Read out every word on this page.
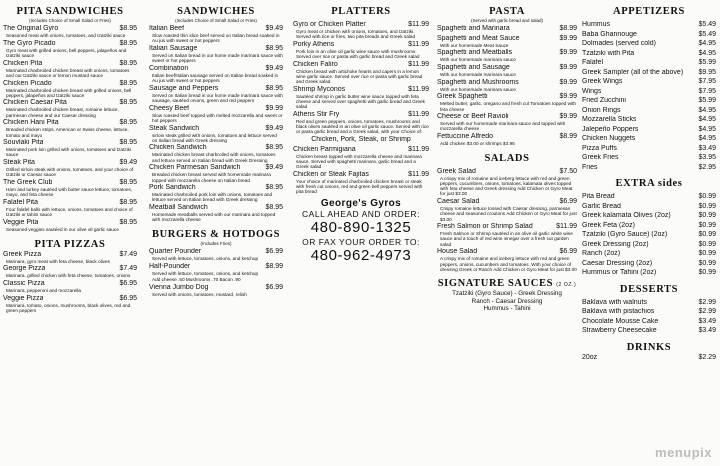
PITA SANDWICHES
(Includes Choice of Small Salad or Fries)
The Original Gyro	$8.95
Seasoned meat with onions, tomatoes, and tzatziki sauce
The Gyro Picado	$8.95
Gyro meat with grilled onions, bell peppers, jalapeños and tzatziki sauce
Chicken Pita	$8.95
Marinated charbroiled chicken breast with onions, tomatoes and our tzatziki sauce or lemon mustard sauce
Chicken Picado	$8.95
Marinated charbroiled chicken breast with grilled onions, bell peppers, jalapeños and tzatziki sauce
Chicken Caesar Pita	$8.95
Marinated charbroiled chicken breast, romaine lettuce, parmesan cheese and our Caesar dressing
Chicken Hani Pita	$8.95
Breaded chicken strips, American or Swiss cheese, lettuce, tomato and mayo
Souvlaki Pita	$8.95
Marinated pork loin grilled with onions, tomatoes and tzatziki sauce
Steak Pita	$9.49
Grilled sirloin steak with onions, tomatoes, and your choice of tzatziki or Caesar sauce
The Greek Club	$8.95
Ham and turkey sautéed with butter sauce lettuce, tomatoes, mayo, and feta cheese
Falafel Pita	$8.95
Four falafel balls with lettuce, onions, tomatoes and choice of tzatziki or tahini sauce
Veggie Pita	$8.95
Seasoned veggies sautéed in our olive oil garlic sauce
PITA PIZZAS
Greek Pizza	$7.49
Marinara, gyro meat with feta cheese, black olives
George Pizza	$7.49
Marinara, grilled chicken with feta cheese, tomatoes, onions
Classic Pizza	$6.95
Marinara, pepperoni and mozzarella
Veggie Pizza	$6.95
Marinara, tomato, onions, mushrooms, black olives, red and green peppers
SANDWICHES
(Includes Choice of Small Salad or Fries)
Italian Beef	$9.49
Slow roasted thin slice beef served on Italian bread soaked in Au jus with sweet or hot peppers
Italian Sausage	$8.95
Served on Italian bread in our home made marinara sauce with sweet or hot peppers
Combination	$9.49
Italian beef/Italian sausage served on Italian bread soaked in Au jus with sweet or hot peppers
Sausage and Peppers	$8.95
Served on Italian bread in our home made marinara sauce with sausage, sautéed onions, green and red peppers
Cheesy Beef	$9.99
Slow roasted beef topped with melted mozzarella and sweet or hot peppers
Steak Sandwich	$9.49
sirloin steak grilled with onions, tomatoes and lettuce served on Italian bread with Greek dressing
Chicken Sandwich	$8.95
Marinated chicken breast charbroiled with onions, tomatoes and lettuce served on Italian bread with Greek Dressing
Chicken Parmesan Sandwich	$9.49
Breaded chicken breast served with homemade marinara topped with mozzarella cheese on Italian bread
Pork Sandwich	$8.95
Marinated charbroiled pork loin with onions, tomatoes and lettuce served on Italian bread with Greek dressing
Meatball Sandwich	$8.95
Homemade meatballs served with our marinara and topped with mozzarella cheese
BURGERS & HOTDOGS
(Includes Fries)
Quarter Pounder	$6.99
Served with lettuce, tomatoes, onions, and ketchup
Half-Pounder	$8.99
Served with lettuce, tomatoes, onions, and ketchup
Add cheese .50 Mushrooms .70 Bacon .90
Vienna Jumbo Dog	$6.99
Served with onions, tomatoes, mustard, relish
PLATTERS
Gyro or Chicken Platter	$11.99
Gyro meat or chicken with onions, tomatoes, and tzatziki. Served with rice or fries, two pita breads and Greek salad
Porky Athens	$11.99
Pork loin in an olive oil garlic wine sauce with mushrooms. Served over rice or pasta with garlic bread and Greek salad
Chicken Faliro	$11.99
Chicken breast with artichoke hearts and capers in a lemon wine garlic sauce. Served over rice or pasta with garlic bread and Greek salad
Shrimp Myconos	$11.99
Sautéed shrimp in garlic butter wine sauce topped with feta cheese and served over spaghetti with garlic bread and Greek salad
Athens Stir Fry	$11.99
Red and green peppers, onions, tomatoes, mushrooms and black olives sautéed in an olive oil garlic sauce. Served with rice or pasta garlic bread and a Greek salad, with your Choice of:
Chicken, Pork, Steak, or Shrimp
Chicken Parmigiana	$11.99
Chicken breast topped with mozzarella cheese and marinara sauce. Served with spaghetti marinara, garlic bread and a Greek salad
Chicken or Steak Fajitas	$11.99
Your choice of marinated charbroiled chicken breast or steak with fresh cut onions, red and green bell peppers served with pita bread
George's Gyros
CALL AHEAD AND ORDER:
480-890-1325
OR FAX YOUR ORDER TO:
480-962-4973
PASTA
(Served with garlic bread and salad)
Spaghetti and Marinara	$8.99
Spaghetti and Meat Sauce	$9.99
With our homemade Meat Sauce
Spaghetti and Meatballs	$9.99
With our homemade marinara sauce
Spaghetti and Sausage	$9.99
With our homemade marinara sauce
Spaghetti and Mushrooms	$9.99
With our homemade marinara sauce
Greek Spaghetti	$9.99
Melted butter, garlic, oregano and fresh cut Tomatoes topped with feta cheese
Cheese or Beef Ravioli	$9.99
Served with our homemade marinara sauce and topped with mozzarella cheese
Fettuccine Alfredo	$8.99
Add chicken $3.00 or shrimps $3.95
SALADS
Greek Salad	$7.50
A crispy mix of romaine and iceberg lettuce with red and green peppers, cucumbers, onions, tomatoes, kalamata olives topped with feta cheese and Greek dressing Add Chicken or Gyro Meat for just $3.00
Caesar Salad	$6.99
Crispy romaine lettuce tossed with Caesar dressing, parmesan cheese and seasoned croutons Add Chicken or Gyro Meat for just $3.00
Fresh Salmon or Shrimp Salad	$11.99
Fresh Salmon or Shrimp sautéed in an olive oil garlic white wine sauce and a touch of red wine vinegar over a fresh cut garden salad
House Salad	$6.99
A crispy mix of romaine and iceberg lettuce with red and green peppers, onions, cucumbers and tomatoes. With your choice of dressing Greek or Ranch Add Chicken or Gyro Meat for just $3.00
SIGNATURE SAUCES (2 OZ.)
Tzatziki (Gyro Sauce) - Greek Dressing
Ranch - Caesar Dressing
Hummus - Tahini
APPETIZERS
Hummus	$5.49
Baba Ghannouge	$5.49
Dolmades (served cold)	$4.95
Tzatziki with Pita	$4.95
Falafel	$5.99
Greek Sampler (all of the above) $9.95
Greek Wings	$7.95
Wings	$7.95
Fried Zucchini	$5.99
Onion Rings	$4.95
Mozzarella Sticks	$4.95
Jalepeño Poppers	$4.95
Chicken Nuggets	$4.95
Pizza Puffs	$3.49
Greek Fries	$3.95
Fries	$2.95
EXTRA sides
Pita Bread	$0.99
Garlic Bread	$0.99
Greek kalamata Olives (2oz)	$0.99
Greek Feta (2oz)	$0.99
Tzatziki (Gyro Sauce) (2oz)	$0.99
Greek Dressing (2oz)	$0.99
Ranch (2oz)	$0.99
Caesar Dressing (2oz)	$0.99
Hummus or Tahini (2oz)	$0.99
DESSERTS
Baklava with walnuts	$2.99
Baklava with pistachios	$2.99
Chocolate Mousse Cake	$3.49
Strawberry Cheesecake	$3.49
DRINKS
20oz	$2.29
menupix
